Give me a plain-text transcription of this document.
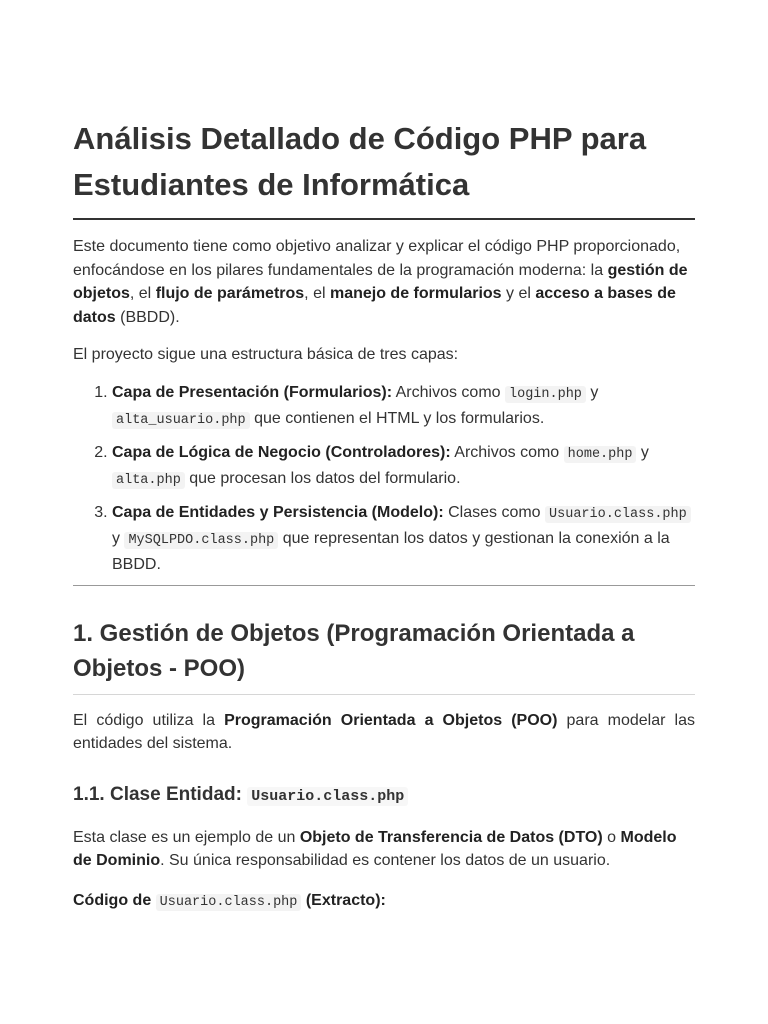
Análisis Detallado de Código PHP para Estudiantes de Informática

Este documento tiene como objetivo analizar y explicar el código PHP proporcionado, enfocándose en los pilares fundamentales de la programación moderna: la gestión de objetos, el flujo de parámetros, el manejo de formularios y el acceso a bases de datos (BBDD).

El proyecto sigue una estructura básica de tres capas:

1. Capa de Presentación (Formularios): Archivos como login.php y alta_usuario.php que contienen el HTML y los formularios.
2. Capa de Lógica de Negocio (Controladores): Archivos como home.php y alta.php que procesan los datos del formulario.
3. Capa de Entidades y Persistencia (Modelo): Clases como Usuario.class.php y MySQLPDO.class.php que representan los datos y gestionan la conexión a la BBDD.
1. Gestión de Objetos (Programación Orientada a Objetos - POO)

El código utiliza la Programación Orientada a Objetos (POO) para modelar las entidades del sistema.

1.1. Clase Entidad: Usuario.class.php

Esta clase es un ejemplo de un Objeto de Transferencia de Datos (DTO) o Modelo de Dominio. Su única responsabilidad es contener los datos de un usuario.

Código de Usuario.class.php (Extracto):
